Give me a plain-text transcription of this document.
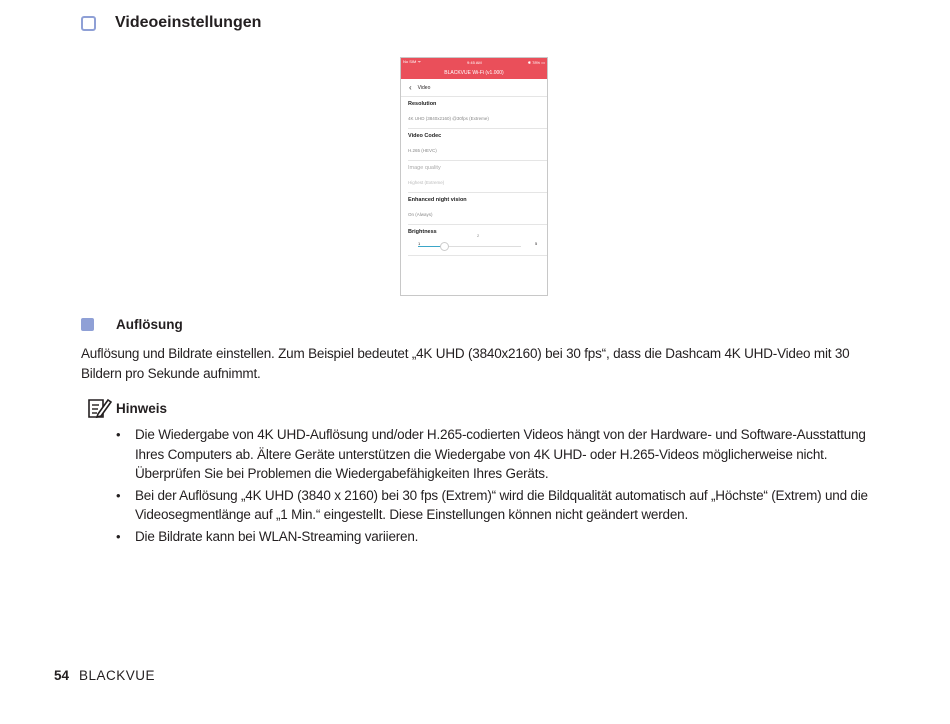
Videoeinstellungen
No SIM ᯤ	9:45 AM	✱ 78% ▭
BLACKVUE Wi-Fi (v1.000)
‹ Video
Resolution
4K UHD (3840x2160) @30fps (Extreme)
Video Codec
H.265 (HEVC)
Image quality
Highest (Extreme)
Enhanced night vision
On (Always)
Brightness
2
1	5
Auflösung

Auflösung und Bildrate einstellen. Zum Beispiel bedeutet „4K UHD (3840x2160) bei 30 fps“, dass die Dashcam 4K UHD-Video mit 30 Bildern pro Sekunde aufnimmt.

Hinweis
• Die Wiedergabe von 4K UHD-Auflösung und/oder H.265-codierten Videos hängt von der Hardware- und Software-Ausstattung Ihres Computers ab. Ältere Geräte unterstützen die Wiedergabe von 4K UHD- oder H.265-Videos möglicherweise nicht. Überprüfen Sie bei Problemen die Wiedergabefähigkeiten Ihres Geräts.
• Bei der Auflösung „4K UHD (3840 x 2160) bei 30 fps (Extrem)“ wird die Bildqualität automatisch auf „Höchste“ (Extrem) und die Videosegmentlänge auf „1 Min.“ eingestellt. Diese Einstellungen können nicht geändert werden.
• Die Bildrate kann bei WLAN-Streaming variieren.
54 BLACKVUE
